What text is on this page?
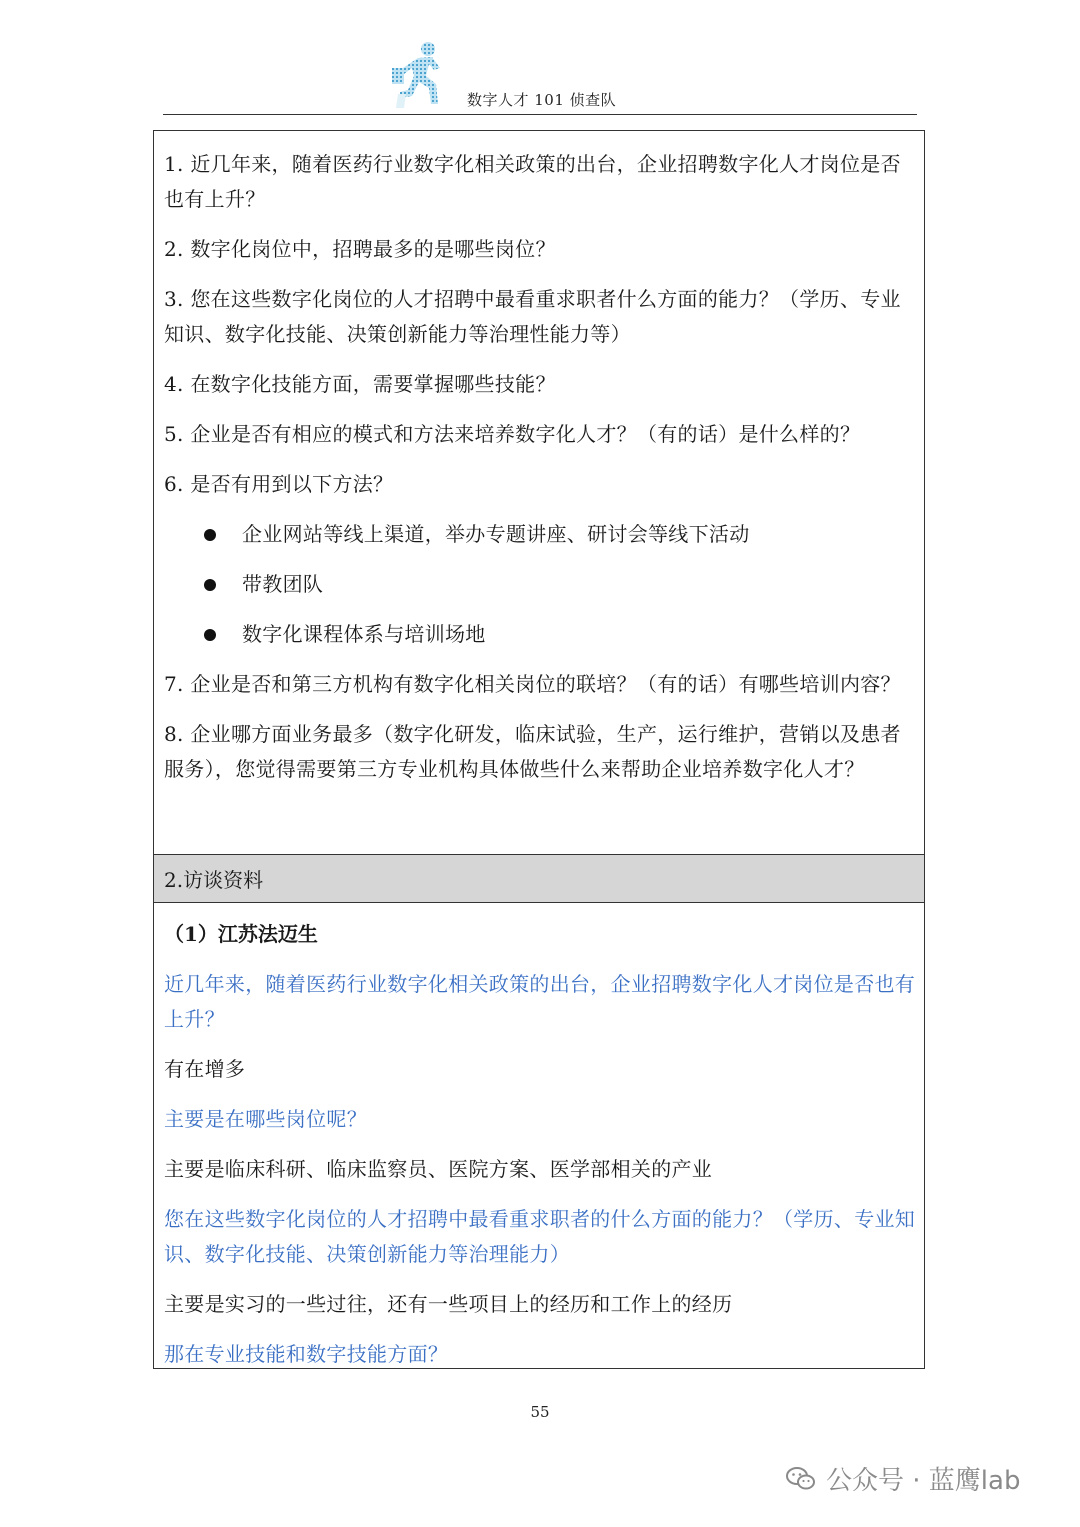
数字人才 101 侦查队

1. 近几年来，随着医药行业数字化相关政策的出台，企业招聘数字化人才岗位是否也有上升？

2. 数字化岗位中，招聘最多的是哪些岗位？

3. 您在这些数字化岗位的人才招聘中最看重求职者什么方面的能力？（学历、专业知识、数字化技能、决策创新能力等治理性能力等）

4. 在数字化技能方面，需要掌握哪些技能？

5. 企业是否有相应的模式和方法来培养数字化人才？（有的话）是什么样的？

6. 是否有用到以下方法？

企业网站等线上渠道，举办专题讲座、研讨会等线下活动
带教团队
数字化课程体系与培训场地

7. 企业是否和第三方机构有数字化相关岗位的联培？（有的话）有哪些培训内容？

8. 企业哪方面业务最多（数字化研发，临床试验，生产，运行维护，营销以及患者服务），您觉得需要第三方专业机构具体做些什么来帮助企业培养数字化人才？

2.访谈资料

（1）江苏法迈生

近几年来，随着医药行业数字化相关政策的出台，企业招聘数字化人才岗位是否也有上升？

有在增多

主要是在哪些岗位呢？

主要是临床科研、临床监察员、医院方案、医学部相关的产业

您在这些数字化岗位的人才招聘中最看重求职者的什么方面的能力？（学历、专业知识、数字化技能、决策创新能力等治理能力）

主要是实习的一些过往，还有一些项目上的经历和工作上的经历

那在专业技能和数字技能方面？

55
公众号 · 蓝鹰lab
